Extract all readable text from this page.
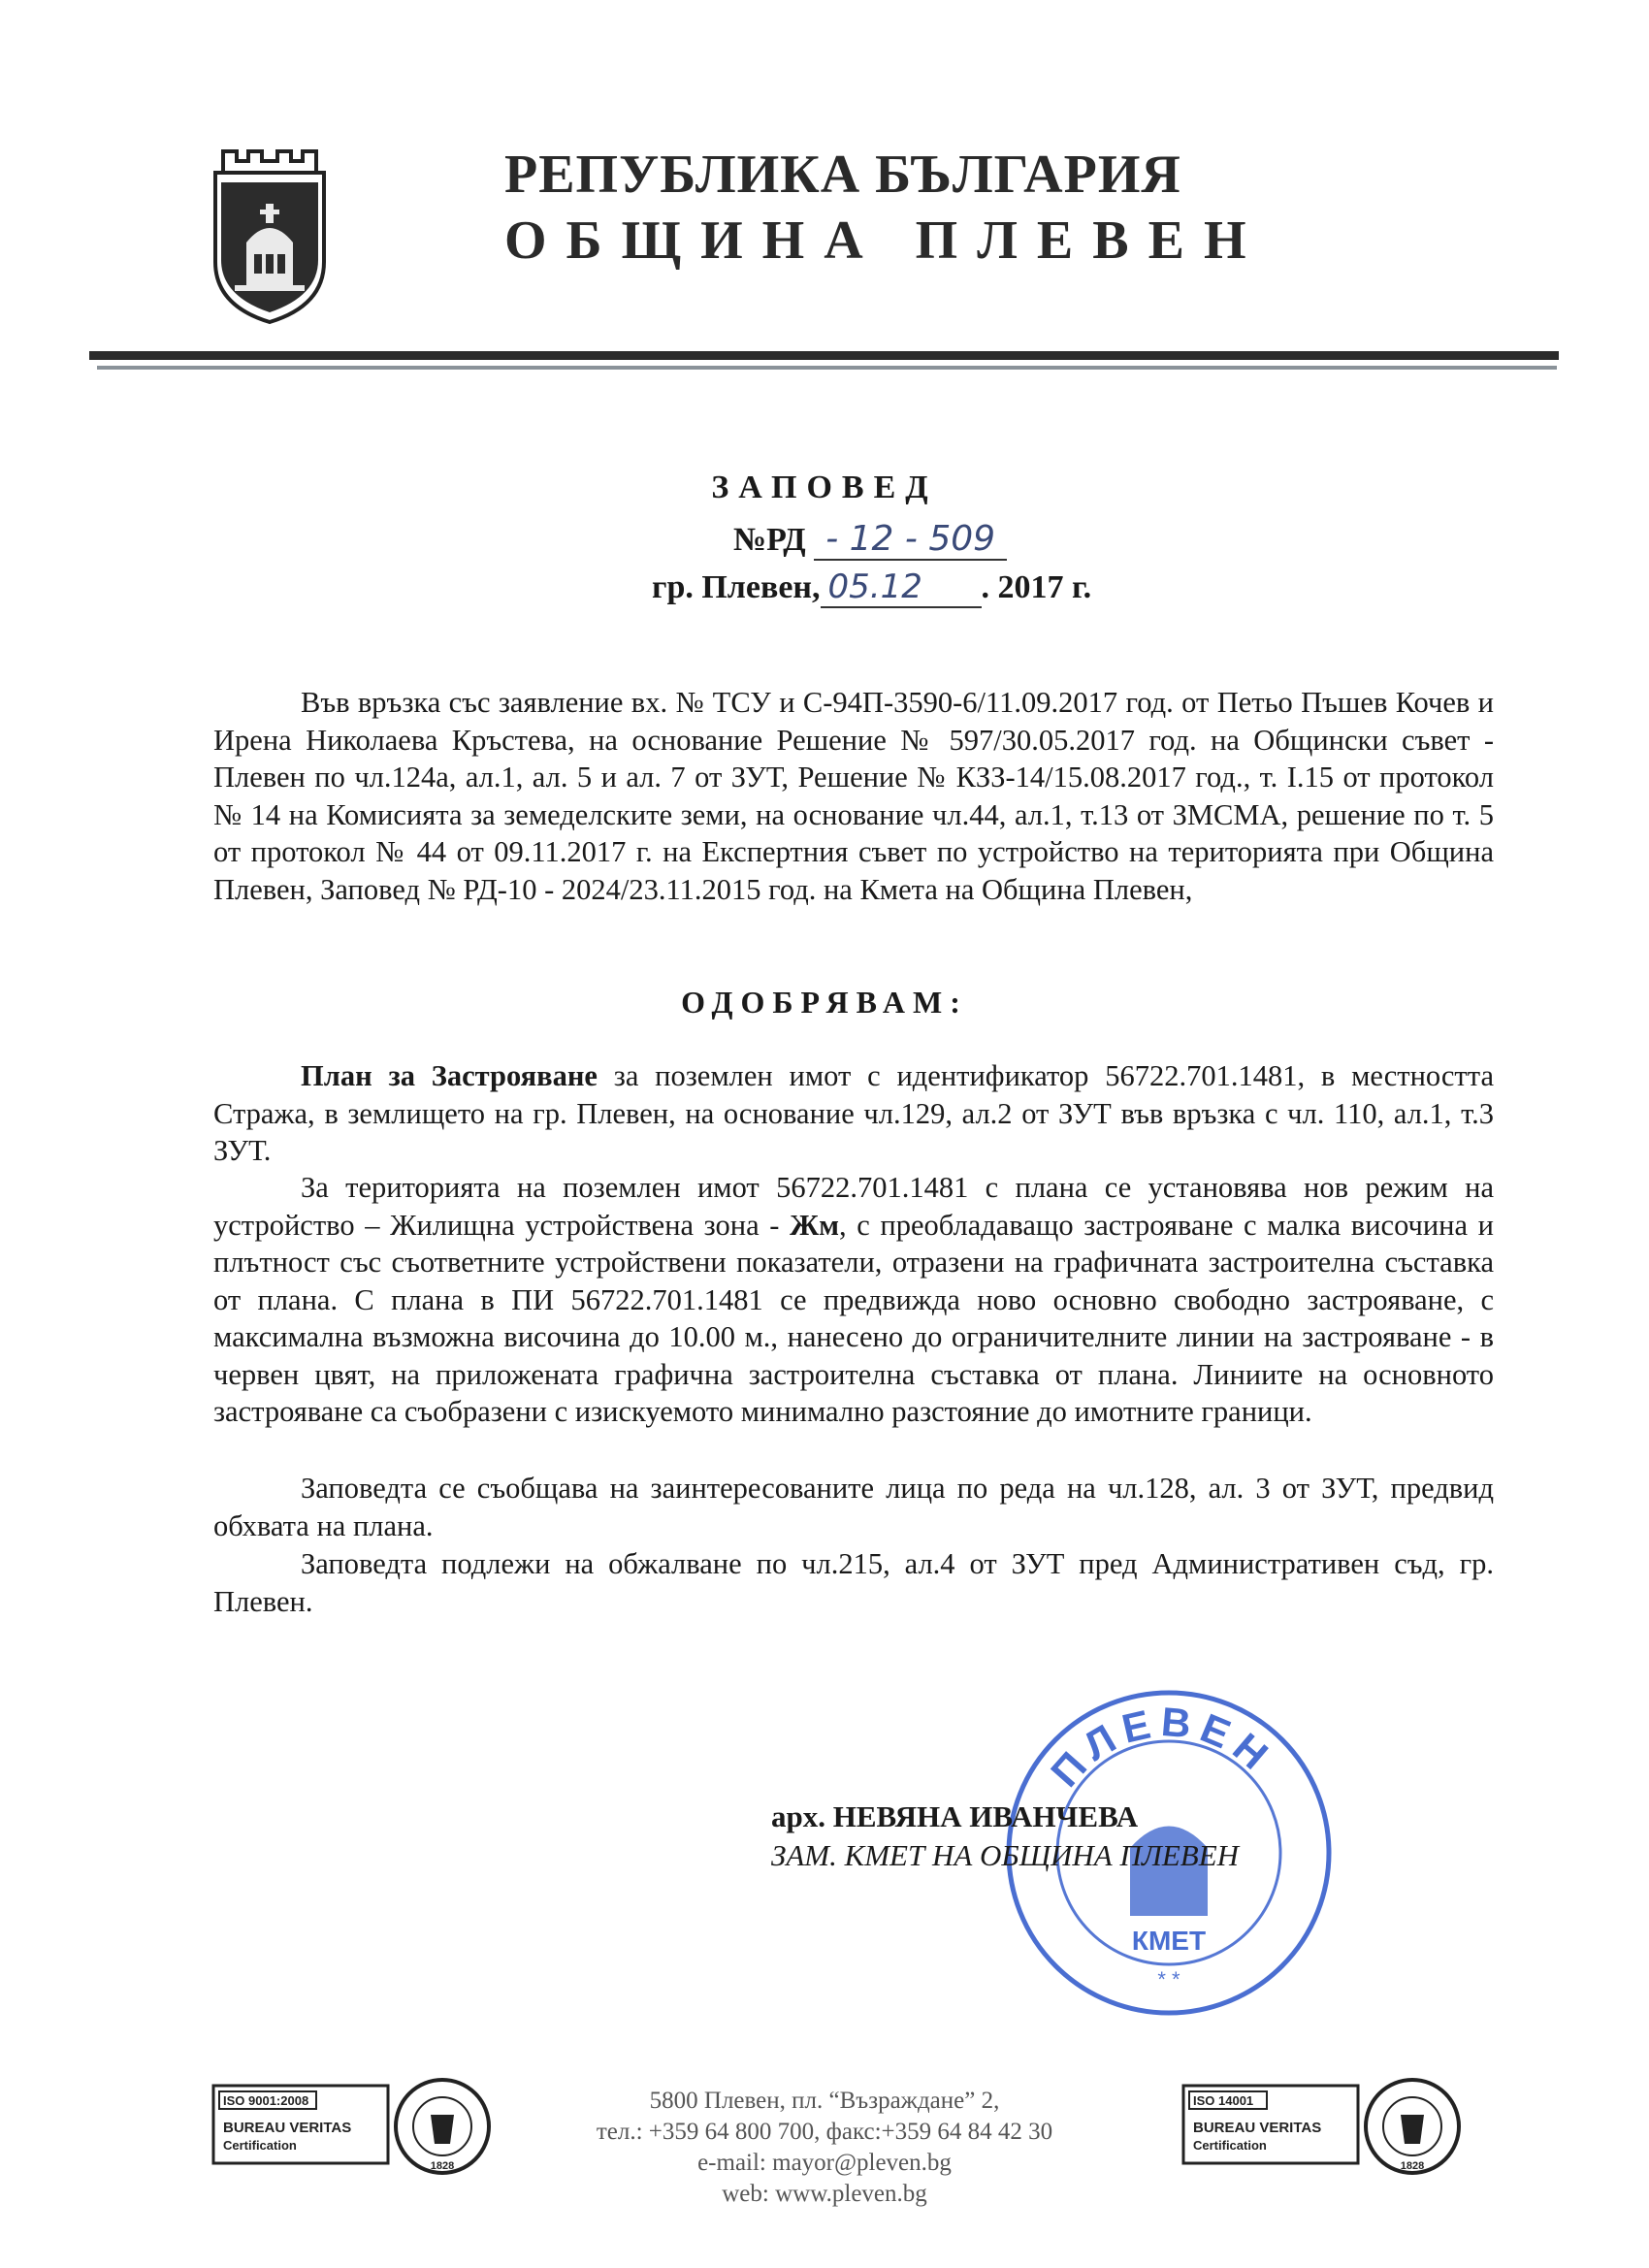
РЕПУБЛИКА БЪЛГАРИЯ
ОБЩИНА ПЛЕВЕН
ЗАПОВЕД
№РД - 12 - 509
гр. Плевен, 05.12 . 2017 г.
Във връзка със заявление вх. № ТСУ и С-94П-3590-6/11.09.2017 год. от Петьо Пъшев Кочев и Ирена Николаева Кръстева, на основание Решение № 597/30.05.2017 год. на Общински съвет - Плевен по чл.124а, ал.1, ал. 5 и ал. 7 от ЗУТ, Решение № КЗЗ-14/15.08.2017 год., т. I.15 от протокол № 14 на Комисията за земеделските земи, на основание чл.44, ал.1, т.13 от ЗМСМА, решение по т. 5 от протокол № 44 от 09.11.2017 г. на Експертния съвет по устройство на територията при Община Плевен, Заповед № РД-10 - 2024/23.11.2015 год. на Кмета на Община Плевен,
ОДОБРЯВАМ:
План за Застрояване за поземлен имот с идентификатор 56722.701.1481, в местността Стража, в землището на гр. Плевен, на основание чл.129, ал.2 от ЗУТ във връзка с чл. 110, ал.1, т.3 ЗУТ.
За територията на поземлен имот 56722.701.1481 с плана се установява нов режим на устройство – Жилищна устройствена зона - Жм, с преобладаващо застрояване с малка височина и плътност със съответните устройствени показатели, отразени на графичната застроителна съставка от плана. С плана в ПИ 56722.701.1481 се предвижда ново основно свободно застрояване, с максимална възможна височина до 10.00 м., нанесено до ограничителните линии на застрояване - в червен цвят, на приложената графична застроителна съставка от плана. Линиите на основното застрояване са съобразени с изискуемото минимално разстояние до имотните граници.
Заповедта се съобщава на заинтересованите лица по реда на чл.128, ал. 3 от ЗУТ, предвид обхвата на плана.
Заповедта подлежи на обжалване по чл.215, ал.4 от ЗУТ пред Административен съд, гр. Плевен.
ПЛЕВЕН
КМЕТ
* *
арх. НЕВЯНА ИВАНЧЕВА
ЗАМ. КМЕТ НА ОБЩИНА ПЛЕВЕН
ISO 9001:2008
BUREAU VERITAS
Certification
1828
5800 Плевен, пл. “Възраждане” 2,
тел.: +359 64 800 700, факс:+359 64 84 42 30
e-mail: mayor@pleven.bg
web: www.pleven.bg
ISO 14001
BUREAU VERITAS
Certification
1828
